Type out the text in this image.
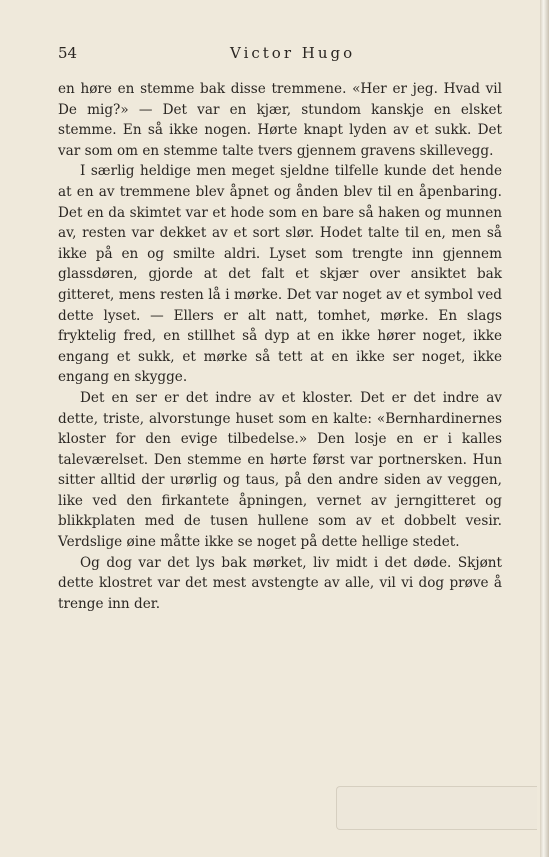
54	Victor Hugo

en høre en stemme bak disse tremmene. «Her er jeg. Hvad vil De mig?» — Det var en kjær, stundom kanskje en elsket stemme. En så ikke nogen. Hørte knapt lyden av et sukk. Det var som om en stemme talte tvers gjennem gravens skillevegg.

I særlig heldige men meget sjeldne tilfelle kunde det hende at en av tremmene blev åpnet og ånden blev til en åpenbaring. Det en da skimtet var et hode som en bare så haken og munnen av, resten var dekket av et sort slør. Hodet talte til en, men så ikke på en og smilte aldri. Lyset som trengte inn gjennem glassdøren, gjorde at det falt et skjær over ansiktet bak gitteret, mens resten lå i mørke. Det var noget av et symbol ved dette lyset. — Ellers er alt natt, tomhet, mørke. En slags fryktelig fred, en stillhet så dyp at en ikke hører noget, ikke engang et sukk, et mørke så tett at en ikke ser noget, ikke engang en skygge.

Det en ser er det indre av et kloster. Det er det indre av dette, triste, alvorstunge huset som en kalte: «Bernhardinernes kloster for den evige tilbedelse.» Den losje en er i kalles taleværelset. Den stemme en hørte først var portnersken. Hun sitter alltid der urørlig og taus, på den andre siden av veggen, like ved den firkantete åpningen, vernet av jerngitteret og blikkplaten med de tusen hullene som av et dobbelt vesir. Verdslige øine måtte ikke se noget på dette hellige stedet.

Og dog var det lys bak mørket, liv midt i det døde. Skjønt dette klostret var det mest avstengte av alle, vil vi dog prøve å trenge inn der.
